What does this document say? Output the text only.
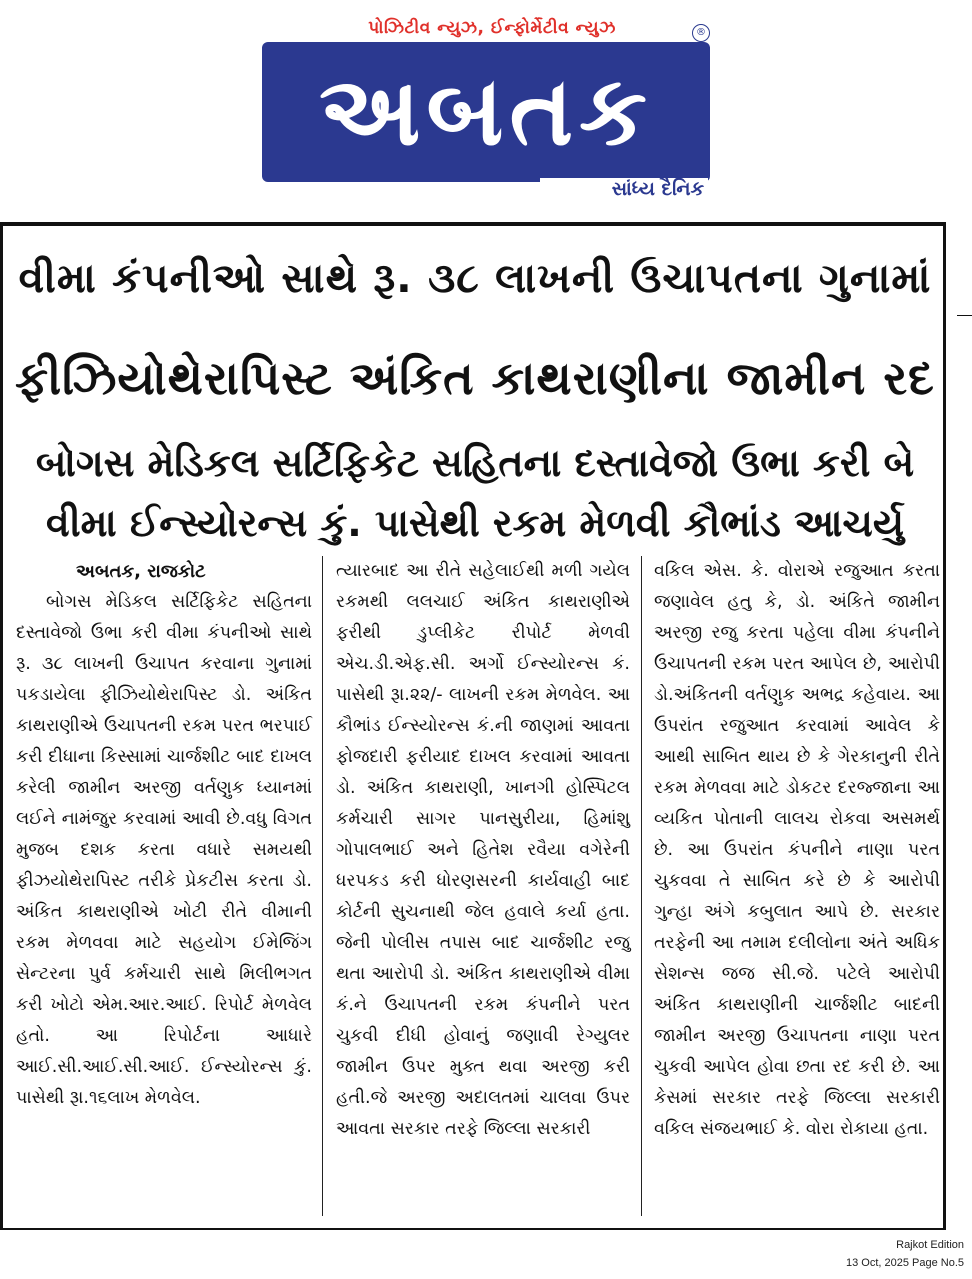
પોઝિટીવ ન્યુઝ, ઈન્ફોર્મેટીવ ન્યુઝ	®
અબતક
સાંધ્ય દૈનિક
વીમા કંપનીઓ સાથે રૂ. ૩૮ લાખની ઉચાપતના ગુનામાં
ફીઝિયોથેરાપિસ્ટ અંકિત કાથરાણીના જામીન રદ
બોગસ મેડિકલ સર્ટિફિકેટ સહિતના દસ્તાવેજો ઉભા કરી બે
વીમા ઈન્સ્યોરન્સ કું. પાસેથી રકમ મેળવી કૌભાંડ આચર્યુ
અબતક, રાજકોટ

બોગસ મેડિકલ સર્ટિફિકેટ સહિતના દસ્તાવેજો ઉભા કરી વીમા કંપનીઓ સાથે રૂ. ૩૮ લાખની ઉચાપત કરવાના ગુનામાં પકડાયેલા ફીઝિયોથેરાપિસ્ટ ડો. અંકિત કાથરાણીએ ઉચાપતની રકમ પરત ભરપાઈ કરી દીધાના કિસ્સામાં ચાર્જશીટ બાદ દાખલ કરેલી જામીન અરજી વર્તણુક ધ્યાનમાં લઈને નામંજુર કરવામાં આવી છે.વધુ વિગત મુજબ દશક કરતા વધારે સમયથી ફીઝયોથેરાપિસ્ટ તરીકે પ્રેકટીસ કરતા ડો. અંકિત કાથરાણીએ ખોટી રીતે વીમાની રકમ મેળવવા માટે સહયોગ ઈમેજિંગ સેન્ટરના પુર્વ કર્મચારી સાથે મિલીભગત કરી ખોટો એમ.આર.આઈ. રિપોર્ટ મેળવેલ હતો. આ રિપોર્ટના આધારે આઈ.સી.આઈ.સી.આઈ. ઈન્સ્યોરન્સ કું. પાસેથી રૂા.૧૬લાખ મેળવેલ.

ત્યારબાદ આ રીતે સહેલાઈથી મળી ગયેલ રકમથી લલચાઈ અંકિત કાથરાણીએ ફરીથી ડુપ્લીકેટ રીપોર્ટ મેળવી એચ.ડી.એફ.સી. અર્ગો ઈન્સ્યોરન્સ કં. પાસેથી રૂા.૨૨/- લાખની રકમ મેળવેલ. આ કૌભાંડ ઈન્સ્યોરન્સ કં.ની જાણમાં આવતા ફોજદારી ફરીયાદ દાખલ કરવામાં આવતા ડો. અંકિત કાથરાણી, ખાનગી હોસ્પિટલ કર્મચારી સાગર પાનસુરીયા, હિમાંશુ ગોપાલભાઈ અને હિતેશ રવૈયા વગેરેની ધરપકડ કરી ધોરણસરની કાર્યવાહી બાદ કોર્ટની સુચનાથી જેલ હવાલે કર્યા હતા. જેની પોલીસ તપાસ બાદ ચાર્જશીટ રજુ થતા આરોપી ડો. અંકિત કાથરાણીએ વીમા કં.ને ઉચાપતની રકમ કંપનીને પરત ચુકવી દીધી હોવાનું જણાવી રેગ્યુલર જામીન ઉપર મુક્ત થવા અરજી કરી હતી.જે અરજી અદાલતમાં ચાલવા ઉપર આવતા સરકાર તરફે જિલ્લા સરકારી

વકિલ એસ. કે. વોરાએ રજુઆત કરતા જણાવેલ હતુ કે, ડો. અંકિતે જામીન અરજી રજુ કરતા પહેલા વીમા કંપનીને ઉચાપતની રકમ પરત આપેલ છે, આરોપી ડો.અંકિતની વર્તણુક અભદ્ર કહેવાય. આ ઉપરાંત રજુઆત કરવામાં આવેલ કે આથી સાબિત થાય છે કે ગેરકાનુની રીતે રકમ મેળવવા માટે ડોકટર દરજ્જાના આ વ્યકિત પોતાની લાલચ રોકવા અસમર્થ છે. આ ઉપરાંત કંપનીને નાણા પરત ચુકવવા તે સાબિત કરે છે કે આરોપી ગુન્હા અંગે કબુલાત આપે છે. સરકાર તરફેની આ તમામ દલીલોના અંતે અધિક સેશન્સ જજ સી.જે. પટેલે આરોપી અંકિત કાથરાણીની ચાર્જશીટ બાદની જામીન અરજી ઉચાપતના નાણા પરત ચુકવી આપેલ હોવા છતા રદ કરી છે. આ કેસમાં સરકાર તરફે જિલ્લા સરકારી વકિલ સંજયભાઈ કે. વોરા રોકાયા હતા.

Rajkot Edition
13 Oct, 2025 Page No.5
